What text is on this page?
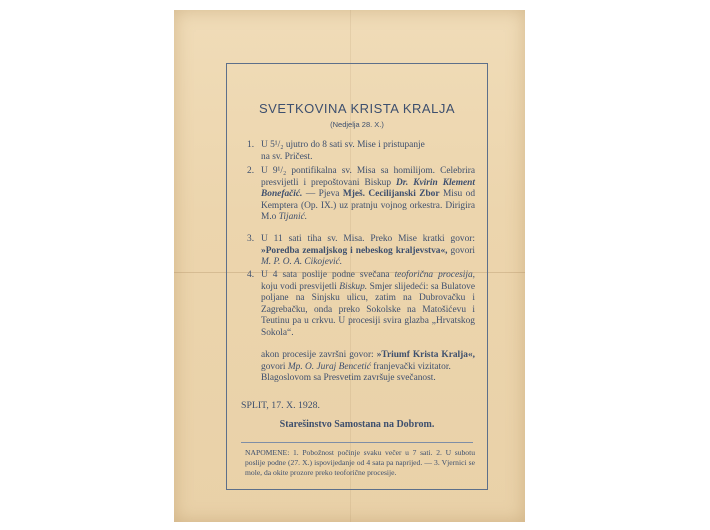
SVETKOVINA KRISTA KRALJA
(Nedjelja 28. X.)
1. U 5¹/₂ ujutro do 8 sati sv. Mise i pristupanje
na sv. Pričest.
2. U 9¹/₂ pontifikalna sv. Misa sa homilijom. Celebrira presvijetli i prepoštovani Biskup Dr. Kvirin Klement Bonefačić. — Pjeva Mješ. Cecilijanski Zbor Misu od Kemptera (Op. IX.) uz pratnju vojnog orkestra. Dirigira M.o Tijanić.
3. U 11 sati tiha sv. Misa. Preko Mise kratki govor: »Poredba zemaljskog i nebeskog kraljevstva«, govori M. P. O. A. Cikojević.
4. U 4 sata poslije podne svečana teoforična procesija, koju vodi presvijetli Biskup. Smjer slijedeći: sa Bulatove poljane na Sinjsku ulicu, zatim na Dubrovačku i Zagrebačku, onda preko Sokolske na Matošićevu i Teutinu pa u crkvu. U procesiji svira glazba „Hrvatskog Sokola“.
akon procesije završni govor: »Triumf Krista Kralja«, govori Mp. O. Juraj Bencetić franjevački vizitator.
Blagoslovom sa Presvetim završuje svečanost.
SPLIT, 17. X. 1928.
Starešinstvo Samostana na Dobrom.
NAPOMENE: 1. Pobožnost počinje svaku večer u 7 sati. 2. U subotu poslije podne (27. X.) ispovijedanje od 4 sata pa naprijed. — 3. Vjernici se mole, da okite prozore preko teoforične procesije.
